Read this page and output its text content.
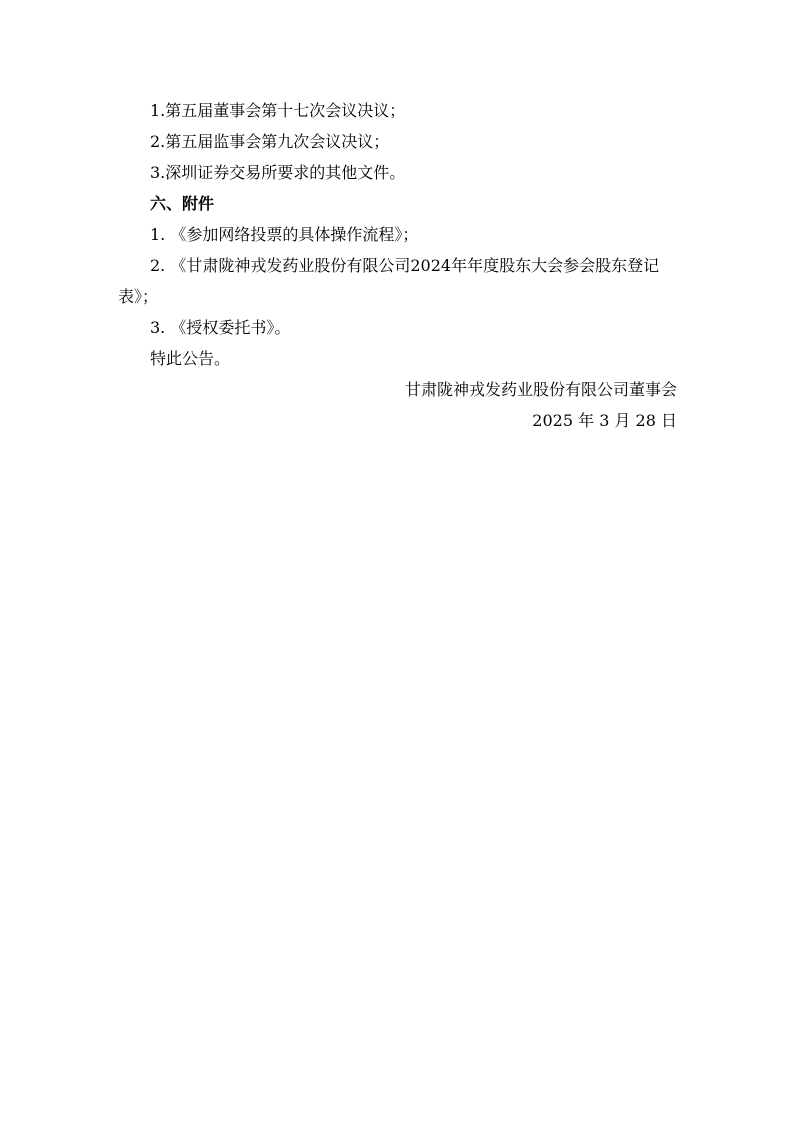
1.第五届董事会第十七次会议决议；

2.第五届监事会第九次会议决议；

3.深圳证券交易所要求的其他文件。

六、附件

1. 《参加网络投票的具体操作流程》；

2. 《甘肃陇神戎发药业股份有限公司2024年年度股东大会参会股东登记

表》；

3. 《授权委托书》。

特此公告。

甘肃陇神戎发药业股份有限公司董事会

2025 年 3 月 28 日
